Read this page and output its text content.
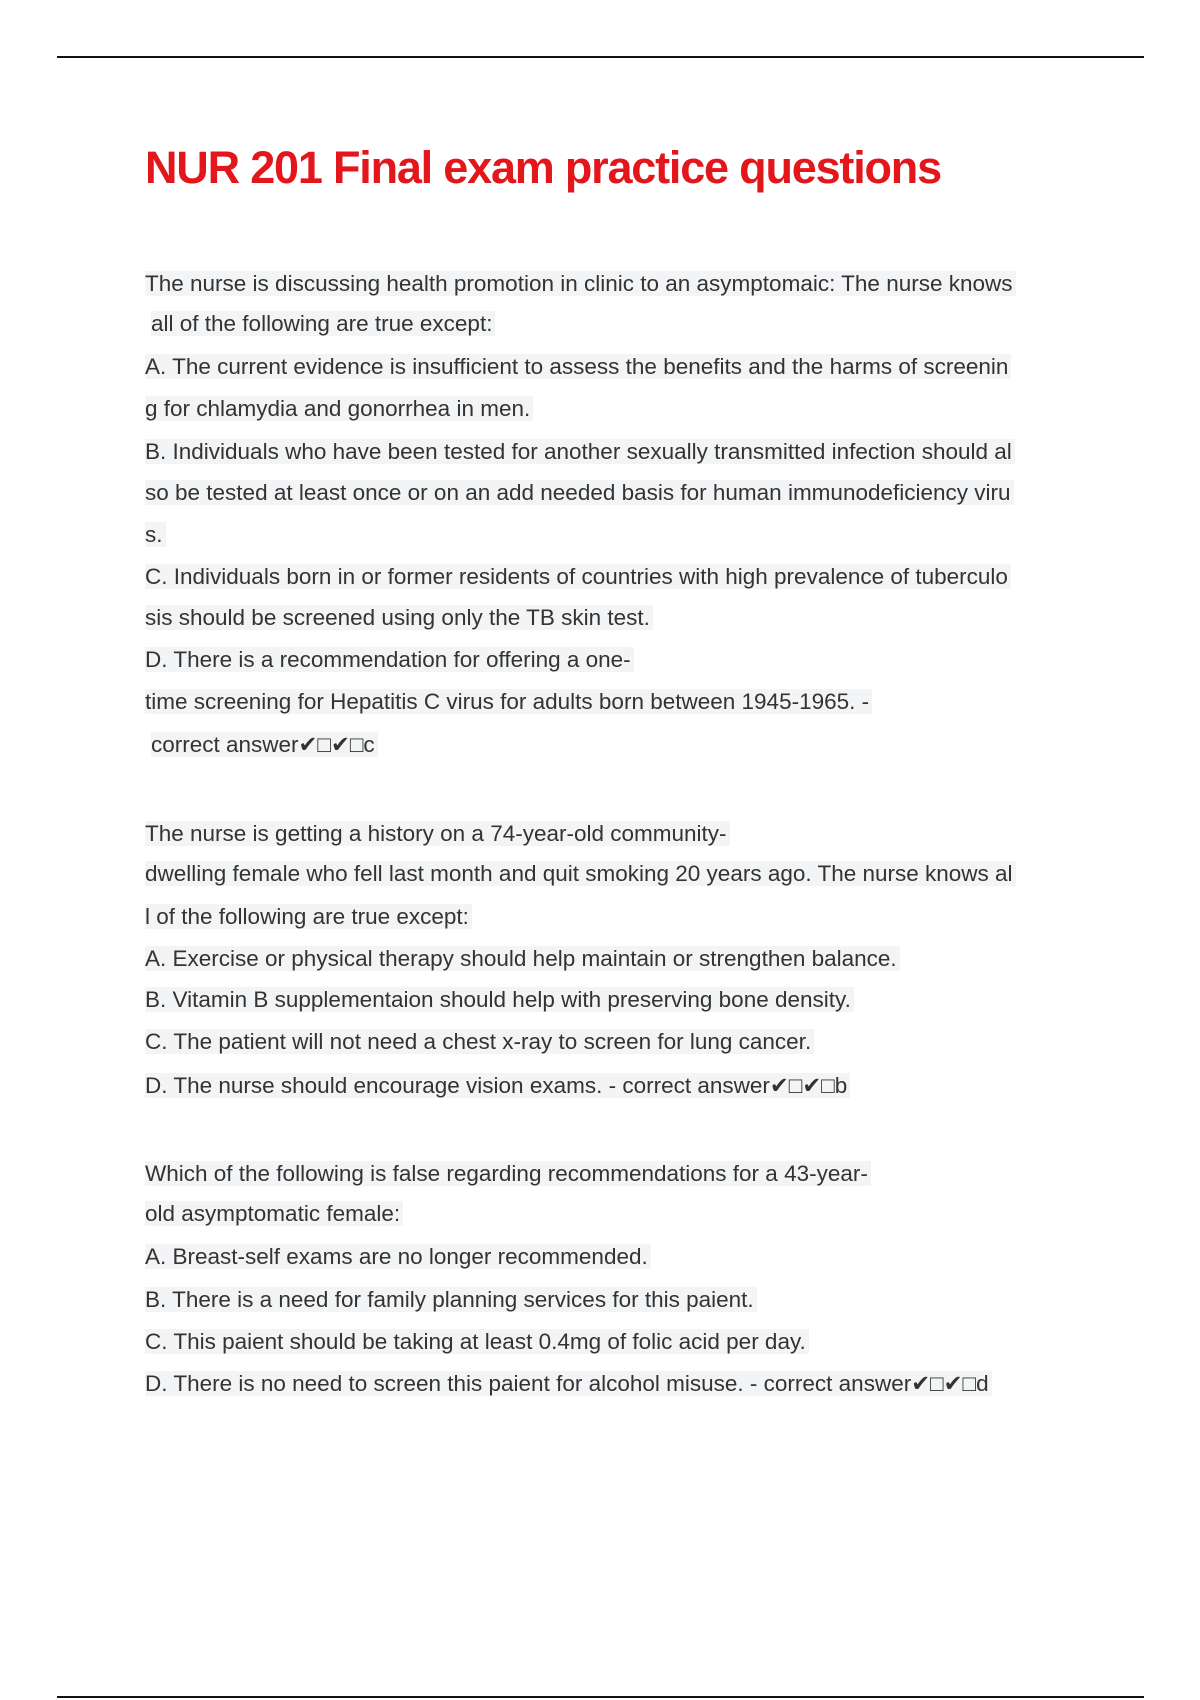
NUR 201 Final exam practice questions
The nurse is discussing health promotion in clinic to an asymptomaic: The nurse knows
all of the following are true except:
A. The current evidence is insufficient to assess the benefits and the harms of screenin
g for chlamydia and gonorrhea in men.
B. Individuals who have been tested for another sexually transmitted infection should al
so be tested at least once or on an add needed basis for human immunodeficiency viru
s.
C. Individuals born in or former residents of countries with high prevalence of tuberculo
sis should be screened using only the TB skin test.
D. There is a recommendation for offering a one-
time screening for Hepatitis C virus for adults born between 1945-1965. -
correct answer✔□✔□c
The nurse is getting a history on a 74-year-old community-
dwelling female who fell last month and quit smoking 20 years ago. The nurse knows al
l of the following are true except:
A. Exercise or physical therapy should help maintain or strengthen balance.
B. Vitamin B supplementaion should help with preserving bone density.
C. The patient will not need a chest x-ray to screen for lung cancer.
D. The nurse should encourage vision exams. - correct answer✔□✔□b
Which of the following is false regarding recommendations for a 43-year-
old asymptomatic female:
A. Breast-self exams are no longer recommended.
B. There is a need for family planning services for this paient.
C. This paient should be taking at least 0.4mg of folic acid per day.
D. There is no need to screen this paient for alcohol misuse. - correct answer✔□✔□d
